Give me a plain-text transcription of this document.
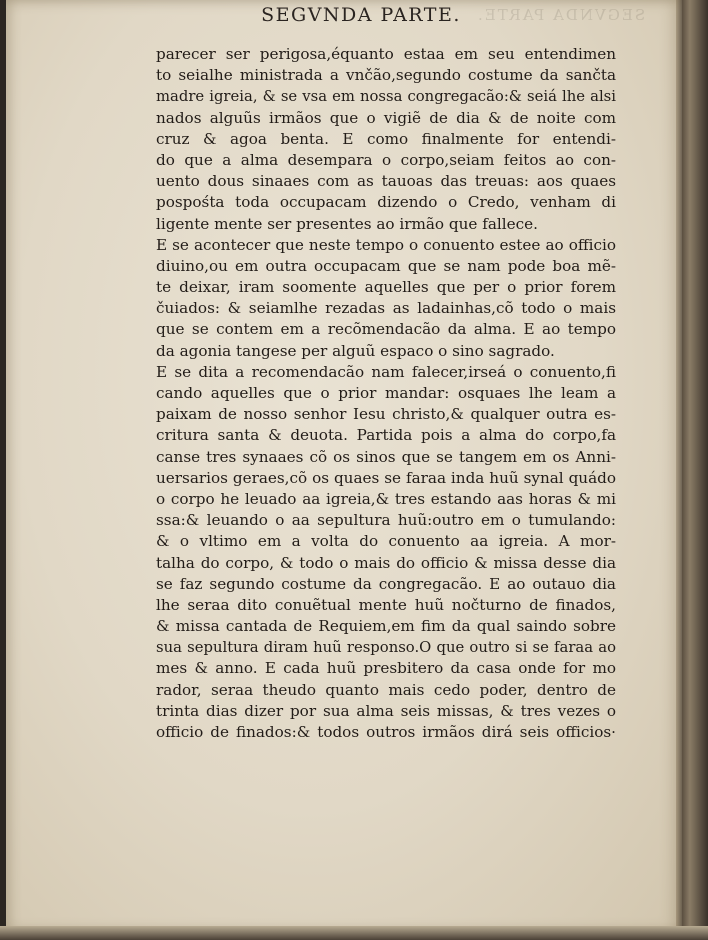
SEGVNDA PARTE.
SEGVNDA PARTE.
parecer ser perigosa,équanto estaa em seu entendimen
to seialhe ministrada a vnčão,segundo costume da sančta
madre igreia, & se vsa em nossa congregacão:& seiá lhe alsi
nados alguũs irmãos que o vigiẽ de dia & de noite com
cruz & agoa benta. E como finalmente for entendi-
do que a alma desempara o corpo,seiam feitos ao con-
uento dous sinaaes com as tauoas das treuas: aos quaes
pospośta toda occupacam dizendo o Credo, venham di
ligente mente ser presentes ao irmão que fallece.
E se acontecer que neste tempo o conuento estee ao officio
diuino,ou em outra occupacam que se nam pode boa mẽ-
te deixar, iram soomente aquelles que per o prior forem
čuiados: & seiamlhe rezadas as ladainhas,cõ todo o mais
que se contem em a recõmendacão da alma. E ao tempo
da agonia tangese per alguũ espaco o sino sagrado.
E se dita a recomendacão nam falecer,irseá o conuento,fi
cando aquelles que o prior mandar: osquaes lhe leam a
paixam de nosso senhor Iesu christo,& qualquer outra es-
critura santa & deuota. Partida pois a alma do corpo,fa
canse tres synaaes cõ os sinos que se tangem em os Anni-
uersarios geraes,cõ os quaes se faraa inda huũ synal quádo
o corpo he leuado aa igreia,& tres estando aas horas & mi
ssa:& leuando o aa sepultura huũ:outro em o tumulando:
& o vltimo em a volta do conuento aa igreia. A mor-
talha do corpo, & todo o mais do officio & missa desse dia
se faz segundo costume da congregacão. E ao outauo dia
lhe seraa dito conuẽtual mente huũ nočturno de finados,
& missa cantada de Requiem,em fim da qual saindo sobre
sua sepultura diram huũ responso.O que outro si se faraa ao
mes & anno. E cada huũ presbitero da casa onde for mo
rador, seraa theudo quanto mais cedo poder, dentro de
trinta dias dizer por sua alma seis missas, & tres vezes o
officio de finados:& todos outros irmãos dirá seis officios·
